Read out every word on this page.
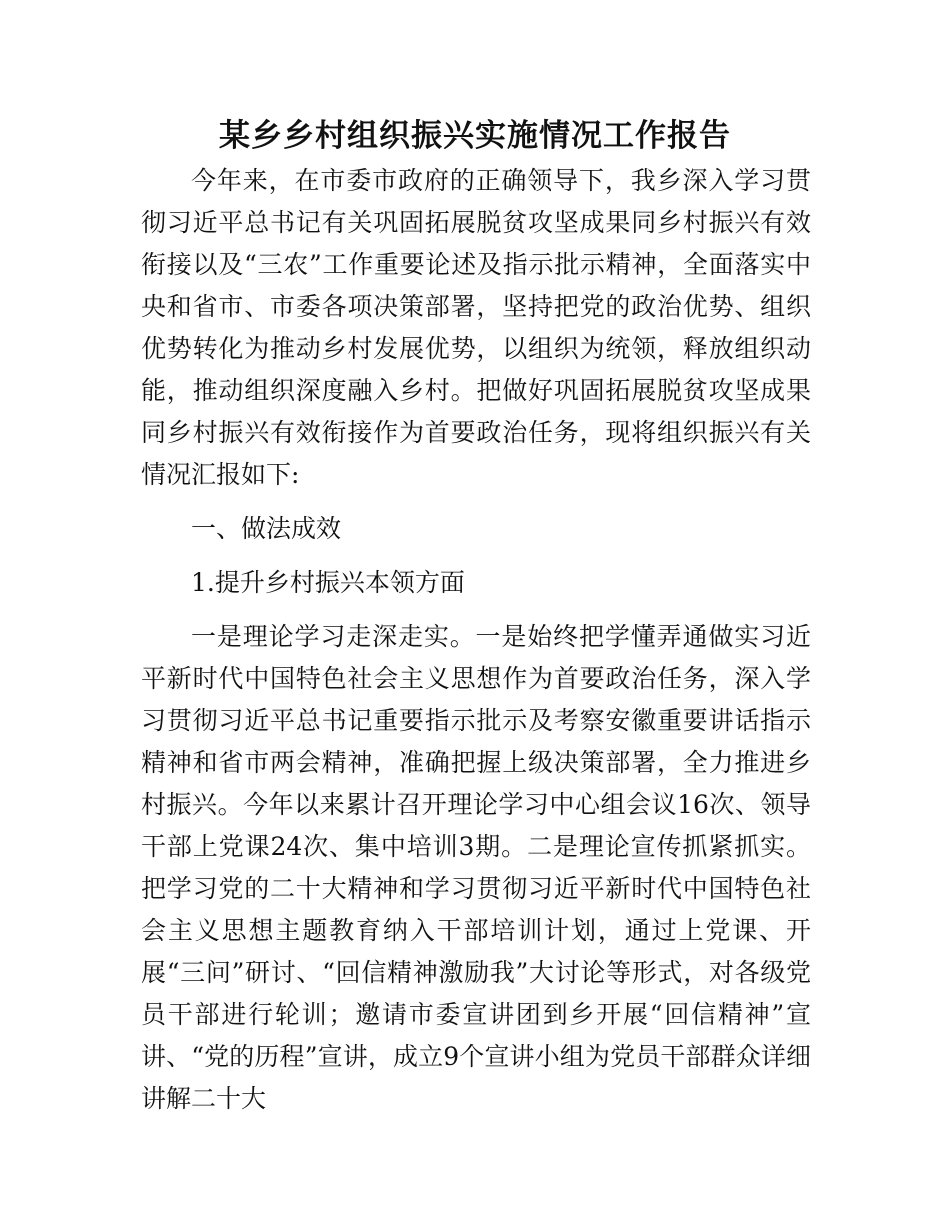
某乡乡村组织振兴实施情况工作报告

今年来，在市委市政府的正确领导下，我乡深入学习贯彻习近平总书记有关巩固拓展脱贫攻坚成果同乡村振兴有效衔接以及“三农”工作重要论述及指示批示精神，全面落实中央和省市、市委各项决策部署，坚持把党的政治优势、组织优势转化为推动乡村发展优势，以组织为统领，释放组织动能，推动组织深度融入乡村。把做好巩固拓展脱贫攻坚成果同乡村振兴有效衔接作为首要政治任务，现将组织振兴有关情况汇报如下:

一、做法成效

1.提升乡村振兴本领方面

一是理论学习走深走实。一是始终把学懂弄通做实习近平新时代中国特色社会主义思想作为首要政治任务，深入学习贯彻习近平总书记重要指示批示及考察安徽重要讲话指示精神和省市两会精神，准确把握上级决策部署，全力推进乡村振兴。今年以来累计召开理论学习中心组会议16次、领导干部上党课24次、集中培训3期。二是理论宣传抓紧抓实。把学习党的二十大精神和学习贯彻习近平新时代中国特色社会主义思想主题教育纳入干部培训计划，通过上党课、开展“三问”研讨、“回信精神激励我”大讨论等形式，对各级党员干部进行轮训；邀请市委宣讲团到乡开展“回信精神”宣讲、“党的历程”宣讲，成立9个宣讲小组为党员干部群众详细讲解二十大
